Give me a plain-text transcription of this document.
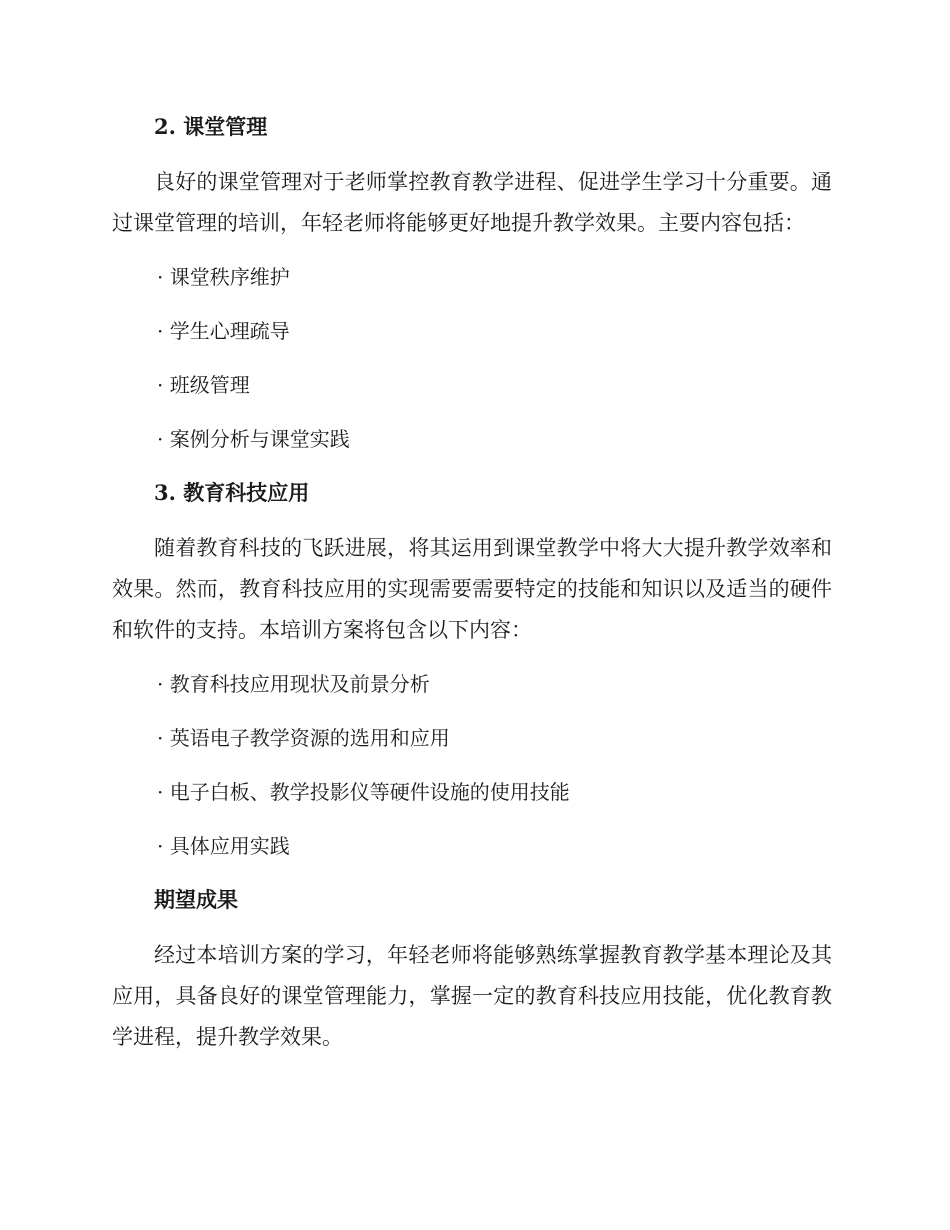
2. 课堂管理

良好的课堂管理对于老师掌控教育教学进程、促进学生学习十分重要。通过课堂管理的培训，年轻老师将能够更好地提升教学效果。主要内容包括：

· 课堂秩序维护
· 学生心理疏导
· 班级管理
· 案例分析与课堂实践
3. 教育科技应用

随着教育科技的飞跃进展，将其运用到课堂教学中将大大提升教学效率和效果。然而，教育科技应用的实现需要需要特定的技能和知识以及适当的硬件和软件的支持。本培训方案将包含以下内容：

· 教育科技应用现状及前景分析
· 英语电子教学资源的选用和应用
· 电子白板、教学投影仪等硬件设施的使用技能
· 具体应用实践
期望成果

经过本培训方案的学习，年轻老师将能够熟练掌握教育教学基本理论及其应用，具备良好的课堂管理能力，掌握一定的教育科技应用技能，优化教育教学进程，提升教学效果。
